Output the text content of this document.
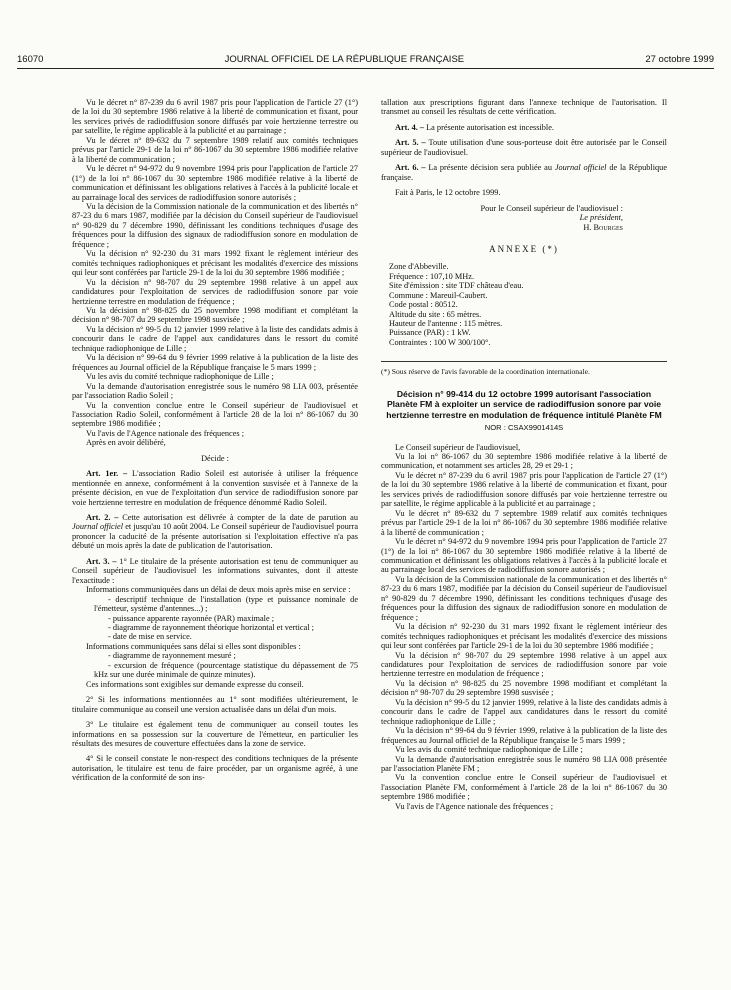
16070	JOURNAL OFFICIEL DE LA RÉPUBLIQUE FRANÇAISE	27 octobre 1999

Vu le décret n° 87-239 du 6 avril 1987 pris pour l'application de l'article 27 (1°) de la loi du 30 septembre 1986 relative à la liberté de communication et fixant, pour les services privés de radiodiffusion sonore diffusés par voie hertzienne terrestre ou par satellite, le régime applicable à la publicité et au parrainage ;

Vu le décret n° 89-632 du 7 septembre 1989 relatif aux comités techniques prévus par l'article 29-1 de la loi n° 86-1067 du 30 septembre 1986 modifiée relative à la liberté de communication ;

Vu le décret n° 94-972 du 9 novembre 1994 pris pour l'application de l'article 27 (1°) de la loi n° 86-1067 du 30 septembre 1986 modifiée relative à la liberté de communication et définissant les obligations relatives à l'accès à la publicité locale et au parrainage local des services de radiodiffusion sonore autorisés ;

Vu la décision de la Commission nationale de la communication et des libertés n° 87-23 du 6 mars 1987, modifiée par la décision du Conseil supérieur de l'audiovisuel n° 90-829 du 7 décembre 1990, définissant les conditions techniques d'usage des fréquences pour la diffusion des signaux de radiodiffusion sonore en modulation de fréquence ;

Vu la décision n° 92-230 du 31 mars 1992 fixant le règlement intérieur des comités techniques radiophoniques et précisant les modalités d'exercice des missions qui leur sont conférées par l'article 29-1 de la loi du 30 septembre 1986 modifiée ;

Vu la décision n° 98-707 du 29 septembre 1998 relative à un appel aux candidatures pour l'exploitation de services de radiodiffusion sonore par voie hertzienne terrestre en modulation de fréquence ;

Vu la décision n° 98-825 du 25 novembre 1998 modifiant et complétant la décision n° 98-707 du 29 septembre 1998 susvisée ;

Vu la décision n° 99-5 du 12 janvier 1999 relative à la liste des candidats admis à concourir dans le cadre de l'appel aux candidatures dans le ressort du comité technique radiophonique de Lille ;

Vu la décision n° 99-64 du 9 février 1999 relative à la publication de la liste des fréquences au Journal officiel de la République française le 5 mars 1999 ;

Vu les avis du comité technique radiophonique de Lille ;

Vu la demande d'autorisation enregistrée sous le numéro 98 LIA 003, présentée par l'association Radio Soleil ;

Vu la convention conclue entre le Conseil supérieur de l'audiovisuel et l'association Radio Soleil, conformément à l'article 28 de la loi n° 86-1067 du 30 septembre 1986 modifiée ;

Vu l'avis de l'Agence nationale des fréquences ;

Après en avoir délibéré,

Décide :

Art. 1er. – L'association Radio Soleil est autorisée à utiliser la fréquence mentionnée en annexe, conformément à la convention susvisée et à l'annexe de la présente décision, en vue de l'exploitation d'un service de radiodiffusion sonore par voie hertzienne terrestre en modulation de fréquence dénommé Radio Soleil.

Art. 2. – Cette autorisation est délivrée à compter de la date de parution au Journal officiel et jusqu'au 10 août 2004. Le Conseil supérieur de l'audiovisuel pourra prononcer la caducité de la présente autorisation si l'exploitation effective n'a pas débuté un mois après la date de publication de l'autorisation.

Art. 3. – 1° Le titulaire de la présente autorisation est tenu de communiquer au Conseil supérieur de l'audiovisuel les informations suivantes, dont il atteste l'exactitude :

Informations communiquées dans un délai de deux mois après mise en service :

- descriptif technique de l'installation (type et puissance nominale de l'émetteur, système d'antennes...) ;

- puissance apparente rayonnée (PAR) maximale ;

- diagramme de rayonnement théorique horizontal et vertical ;

- date de mise en service.

Informations communiquées sans délai si elles sont disponibles :

- diagramme de rayonnement mesuré ;

- excursion de fréquence (pourcentage statistique du dépassement de 75 kHz sur une durée minimale de quinze minutes).

Ces informations sont exigibles sur demande expresse du conseil.

2° Si les informations mentionnées au 1° sont modifiées ultérieurement, le titulaire communique au conseil une version actualisée dans un délai d'un mois.

3° Le titulaire est également tenu de communiquer au conseil toutes les informations en sa possession sur la couverture de l'émetteur, en particulier les résultats des mesures de couverture effectuées dans la zone de service.

4° Si le conseil constate le non-respect des conditions techniques de la présente autorisation, le titulaire est tenu de faire procéder, par un organisme agréé, à une vérification de la conformité de son ins-

tallation aux prescriptions figurant dans l'annexe technique de l'autorisation. Il transmet au conseil les résultats de cette vérification.

Art. 4. – La présente autorisation est incessible.

Art. 5. – Toute utilisation d'une sous-porteuse doit être autorisée par le Conseil supérieur de l'audiovisuel.

Art. 6. – La présente décision sera publiée au Journal officiel de la République française.

Fait à Paris, le 12 octobre 1999.

Pour le Conseil supérieur de l'audiovisuel :

Le président,

H. Bourges

ANNEXE (*)

Zone d'Abbeville.

Fréquence : 107,10 MHz.

Site d'émission : site TDF château d'eau.

Commune : Mareuil-Caubert.

Code postal : 80512.

Altitude du site : 65 mètres.

Hauteur de l'antenne : 115 mètres.

Puissance (PAR) : 1 kW.

Contraintes : 100 W 300/100°.

(*) Sous réserve de l'avis favorable de la coordination internationale.
Décision n° 99-414 du 12 octobre 1999 autorisant l'association Planète FM à exploiter un service de radiodiffusion sonore par voie hertzienne terrestre en modulation de fréquence intitulé Planète FM
NOR : CSAX9901414S

Le Conseil supérieur de l'audiovisuel,

Vu la loi n° 86-1067 du 30 septembre 1986 modifiée relative à la liberté de communication, et notamment ses articles 28, 29 et 29-1 ;

Vu le décret n° 87-239 du 6 avril 1987 pris pour l'application de l'article 27 (1°) de la loi du 30 septembre 1986 relative à la liberté de communication et fixant, pour les services privés de radiodiffusion sonore diffusés par voie hertzienne terrestre ou par satellite, le régime applicable à la publicité et au parrainage ;

Vu le décret n° 89-632 du 7 septembre 1989 relatif aux comités techniques prévus par l'article 29-1 de la loi n° 86-1067 du 30 septembre 1986 modifiée relative à la liberté de communication ;

Vu le décret n° 94-972 du 9 novembre 1994 pris pour l'application de l'article 27 (1°) de la loi n° 86-1067 du 30 septembre 1986 modifiée relative à la liberté de communication et définissant les obligations relatives à l'accès à la publicité locale et au parrainage local des services de radiodiffusion sonore autorisés ;

Vu la décision de la Commission nationale de la communication et des libertés n° 87-23 du 6 mars 1987, modifiée par la décision du Conseil supérieur de l'audiovisuel n° 90-829 du 7 décembre 1990, définissant les conditions techniques d'usage des fréquences pour la diffusion des signaux de radiodiffusion sonore en modulation de fréquence ;

Vu la décision n° 92-230 du 31 mars 1992 fixant le règlement intérieur des comités techniques radiophoniques et précisant les modalités d'exercice des missions qui leur sont conférées par l'article 29-1 de la loi du 30 septembre 1986 modifiée ;

Vu la décision n° 98-707 du 29 septembre 1998 relative à un appel aux candidatures pour l'exploitation de services de radiodiffusion sonore par voie hertzienne terrestre en modulation de fréquence ;

Vu la décision n° 98-825 du 25 novembre 1998 modifiant et complétant la décision n° 98-707 du 29 septembre 1998 susvisée ;

Vu la décision n° 99-5 du 12 janvier 1999, relative à la liste des candidats admis à concourir dans le cadre de l'appel aux candidatures dans le ressort du comité technique radiophonique de Lille ;

Vu la décision n° 99-64 du 9 février 1999, relative à la publication de la liste des fréquences au Journal officiel de la République française le 5 mars 1999 ;

Vu les avis du comité technique radiophonique de Lille ;

Vu la demande d'autorisation enregistrée sous le numéro 98 LIA 008 présentée par l'association Planète FM ;

Vu la convention conclue entre le Conseil supérieur de l'audiovisuel et l'association Planète FM, conformément à l'article 28 de la loi n° 86-1067 du 30 septembre 1986 modifiée ;

Vu l'avis de l'Agence nationale des fréquences ;
